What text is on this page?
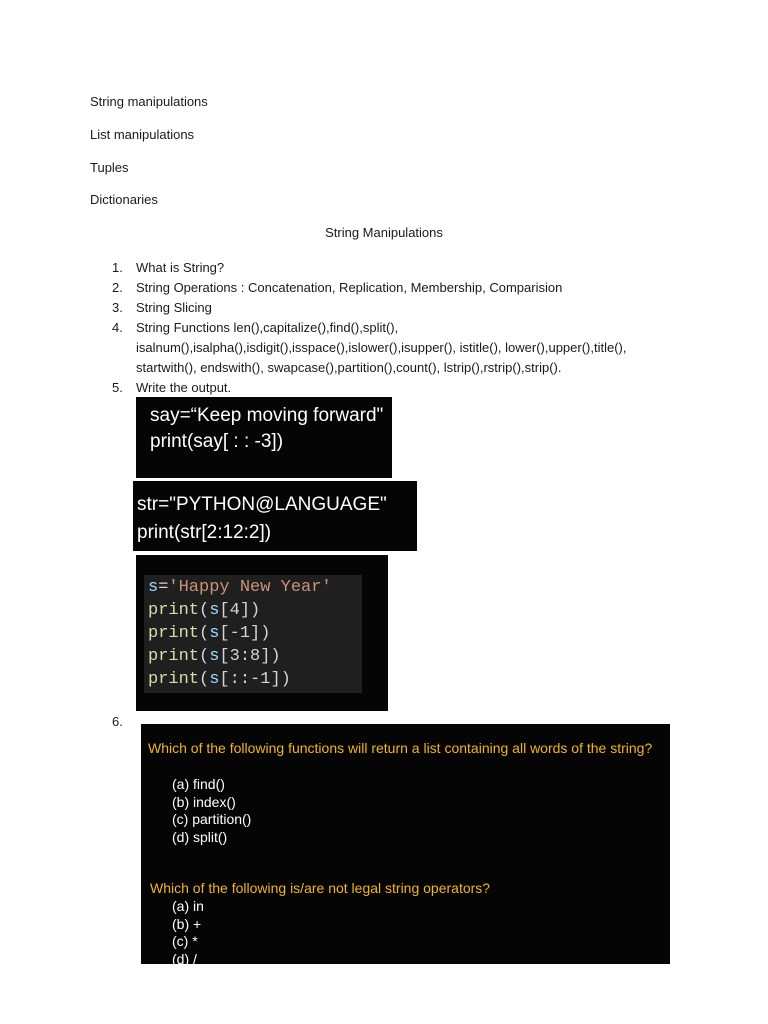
String manipulations
List manipulations
Tuples
Dictionaries
String Manipulations
1. What is String?
2. String Operations : Concatenation, Replication, Membership, Comparision
3. String Slicing
4. String Functions len(),capitalize(),find(),split(),
isalnum(),isalpha(),isdigit(),isspace(),islower(),isupper(), istitle(), lower(),upper(),title(),
startwith(), endswith(), swapcase(),partition(),count(), lstrip(),rstrip(),strip().
5. Write the output.
say=“Keep moving forward"
print(say[ : : -3])
str="PYTHON@LANGUAGE"
print(str[2:12:2])
s='Happy New Year'
print(s[4])
print(s[-1])
print(s[3:8])
print(s[::-1])
6.
Which of the following functions will return a list containing all words of the string?
(a) find()
(b) index()
(c) partition()
(d) split()
Which of the following is/are not legal string operators?
(a) in
(b) +
(c) *
(d) /
